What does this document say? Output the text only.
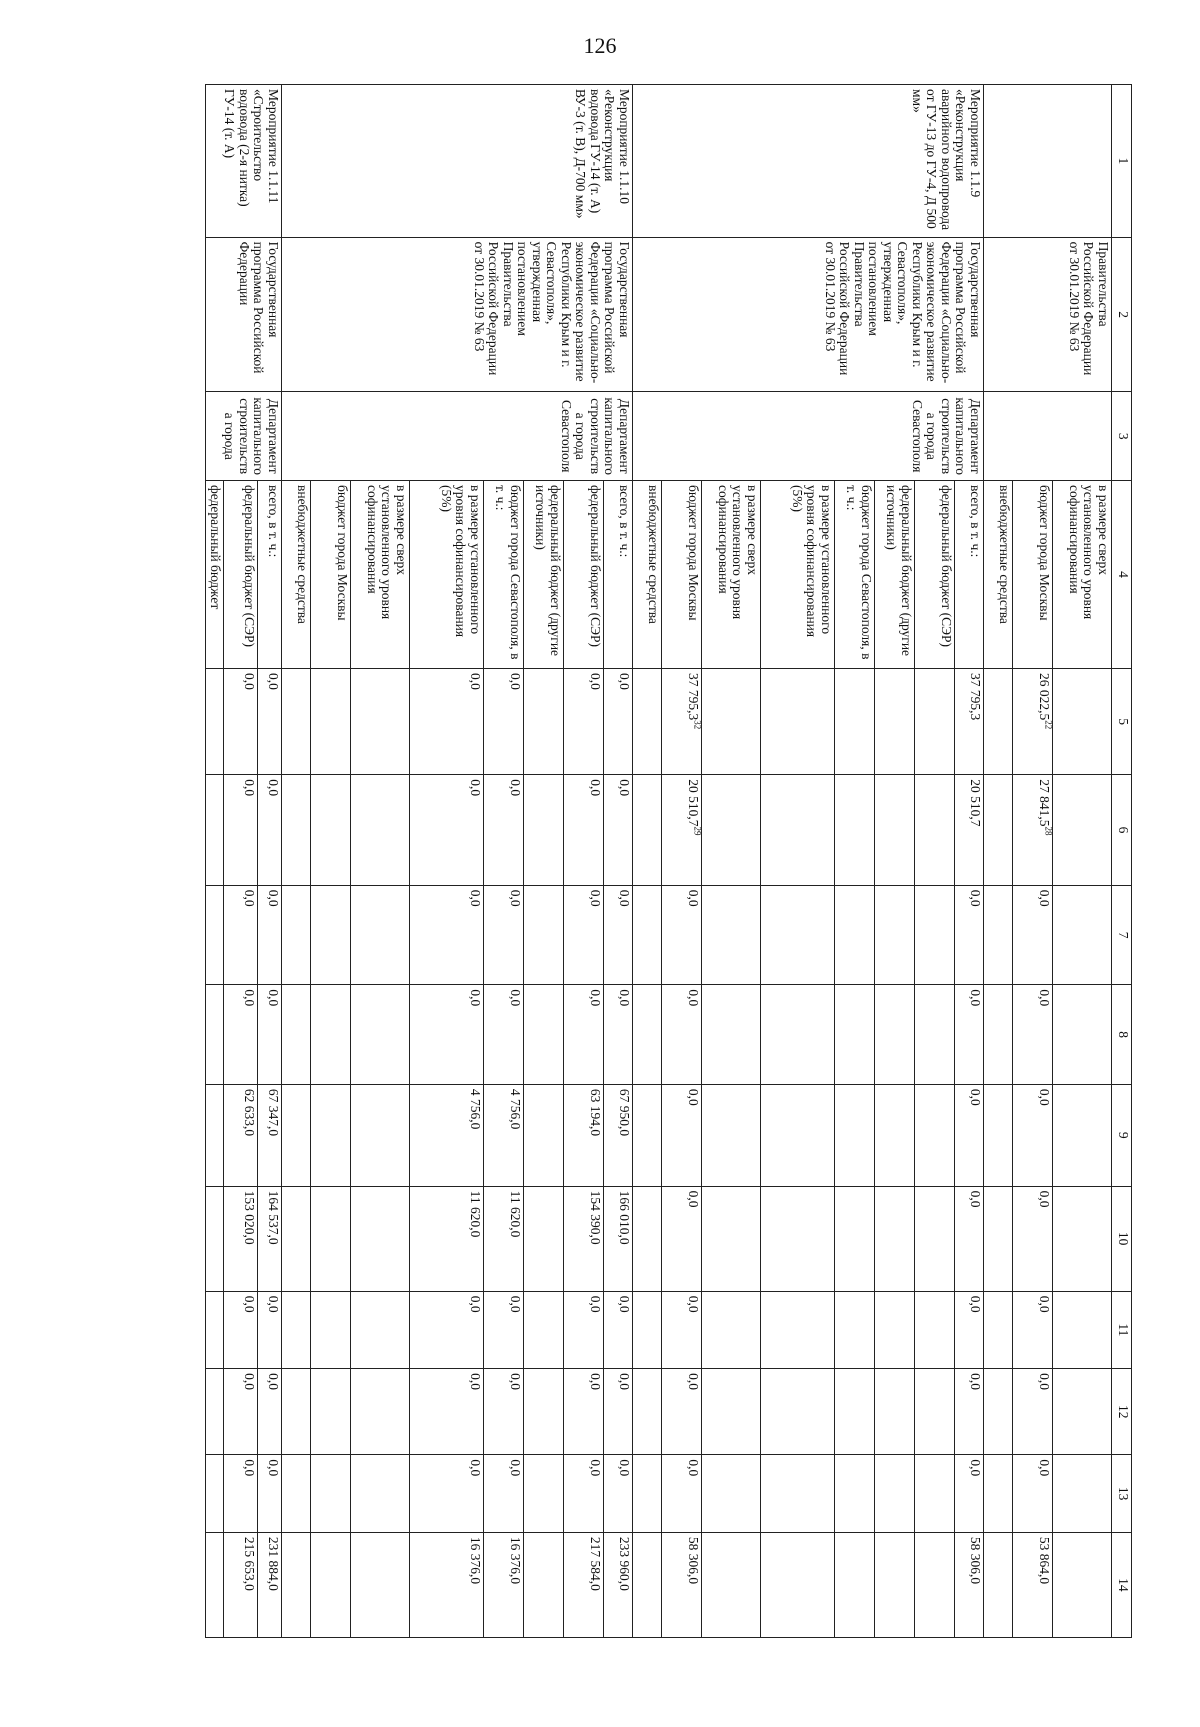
126
1	2	3	4	5	6	7	8	9	10	11	12	13	14
	Правительства Российской Федерации от 30.01.2019 № 63		в размере сверх установленного уровня софинансирования										
			бюджет города Москвы	26 022,5$^{22}$	27 841,5$^{28}$	0,0	0,0	0,0	0,0	0,0	0,0	0,0	53 864,0
			внебюджетные средства										
Мероприятие 1.1.9 «Реконструкция аварийного водопровода от ГУ-13 до ГУ-4, Д 500 мм»	Государственная программа Российской Федерации «Социально-экономическое развитие Республики Крым и г. Севастополя», утвержденная постановлением Правительства Российской Федерации от 30.01.2019 № 63	Департамент капитального строительства города Севастополя	всего, в т. ч.:	37 795,3	20 510,7	0,0	0,0	0,0	0,0	0,0	0,0	0,0	58 306,0
			федеральный бюджет (СЭР)										
			федеральный бюджет (другие источники)										
			бюджет города Севастополя, в т. ч.:										
			в размере установленного уровня софинансирования (5%)										
			в размере сверх установленного уровня софинансирования										
			бюджет города Москвы	37 795,3$^{32}$	20 510,7$^{29}$	0,0	0,0	0,0	0,0	0,0	0,0	0,0	58 306,0
			внебюджетные средства										
Мероприятие 1.1.10 «Реконструкция водовода ГУ-14 (т. А) ВУ-3 (т. В), Д-700 мм»	Государственная программа Российской Федерации «Социально-экономическое развитие Республики Крым и г. Севастополя», утвержденная постановлением Правительства Российской Федерации от 30.01.2019 № 63	Департамент капитального строительства города Севастополя	всего, в т. ч.:	0,0	0,0	0,0	0,0	67 950,0	166 010,0	0,0	0,0	0,0	233 960,0
			федеральный бюджет (СЭР)	0,0	0,0	0,0	0,0	63 194,0	154 390,0	0,0	0,0	0,0	217 584,0
			федеральный бюджет (другие источники)										
			бюджет города Севастополя, в т. ч.:	0,0	0,0	0,0	0,0	4 756,0	11 620,0	0,0	0,0	0,0	16 376,0
			в размере установленного уровня софинансирования (5%)	0,0	0,0	0,0	0,0	4 756,0	11 620,0	0,0	0,0	0,0	16 376,0
			в размере сверх установленного уровня софинансирования										
			бюджет города Москвы										
			внебюджетные средства										
Мероприятие 1.1.11 «Строительство водовода (2-я нитка) ГУ-14 (т. А)	Государственная программа Российской Федерации	Департамент капитального строительства города	всего, в т. ч.:	0,0	0,0	0,0	0,0	67 347,0	164 537,0	0,0	0,0	0,0	231 884,0
			федеральный бюджет (СЭР)	0,0	0,0	0,0	0,0	62 633,0	153 020,0	0,0	0,0	0,0	215 653,0
			федеральный бюджет										
